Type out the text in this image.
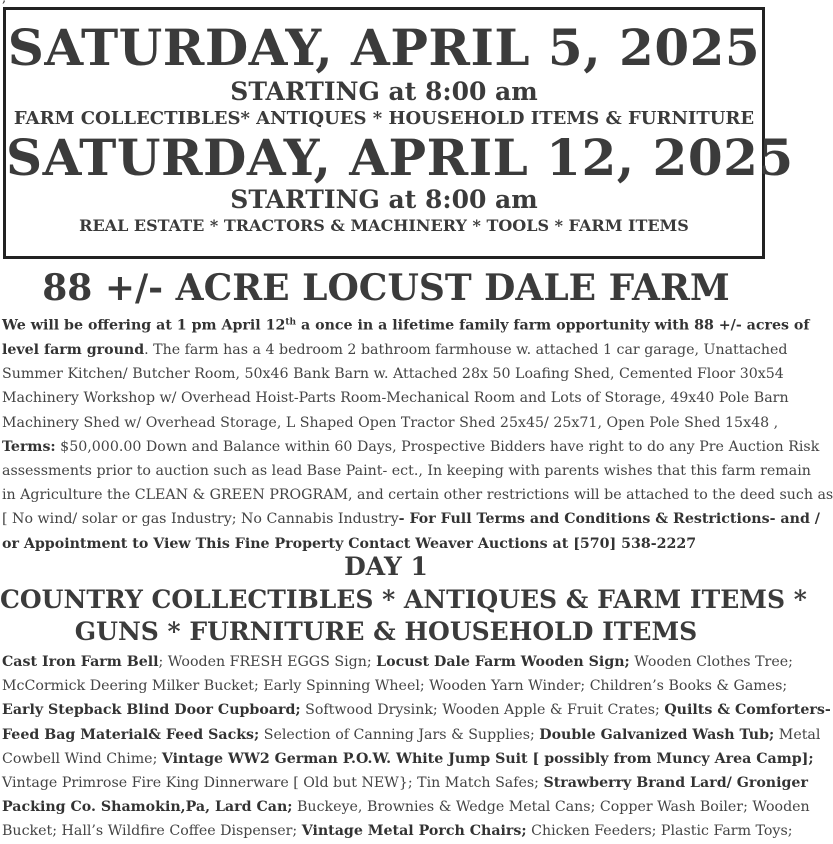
SATURDAY, APRIL 5, 2025
STARTING at 8:00 am
FARM COLLECTIBLES* ANTIQUES * HOUSEHOLD ITEMS & FURNITURE
SATURDAY, APRIL 12, 2025
STARTING at 8:00 am
REAL ESTATE * TRACTORS & MACHINERY * TOOLS * FARM ITEMS
88 +/- ACRE LOCUST DALE FARM
We will be offering at 1 pm April 12th a once in a lifetime family farm opportunity with 88 +/- acres of
level farm ground. The farm has a 4 bedroom 2 bathroom farmhouse w. attached 1 car garage, Unattached
Summer Kitchen/ Butcher Room, 50x46 Bank Barn w. Attached 28x 50 Loafing Shed, Cemented Floor 30x54
Machinery Workshop w/ Overhead Hoist-Parts Room-Mechanical Room and Lots of Storage, 49x40 Pole Barn
Machinery Shed w/ Overhead Storage, L Shaped Open Tractor Shed 25x45/ 25x71, Open Pole Shed 15x48 ,
Terms: $50,000.00 Down and Balance within 60 Days, Prospective Bidders have right to do any Pre Auction Risk
assessments prior to auction such as lead Base Paint- ect., In keeping with parents wishes that this farm remain
in Agriculture the CLEAN & GREEN PROGRAM, and certain other restrictions will be attached to the deed such as
[ No wind/ solar or gas Industry; No Cannabis Industry- For Full Terms and Conditions & Restrictions- and /
or Appointment to View This Fine Property Contact Weaver Auctions at [570] 538-2227
DAY 1
COUNTRY COLLECTIBLES * ANTIQUES & FARM ITEMS *
GUNS * FURNITURE & HOUSEHOLD ITEMS
Cast Iron Farm Bell; Wooden FRESH EGGS Sign; Locust Dale Farm Wooden Sign; Wooden Clothes Tree;
McCormick Deering Milker Bucket; Early Spinning Wheel; Wooden Yarn Winder; Children’s Books & Games;
Early Stepback Blind Door Cupboard; Softwood Drysink; Wooden Apple & Fruit Crates; Quilts & Comforters-
Feed Bag Material& Feed Sacks; Selection of Canning Jars & Supplies; Double Galvanized Wash Tub; Metal
Cowbell Wind Chime; Vintage WW2 German P.O.W. White Jump Suit [ possibly from Muncy Area Camp];
Vintage Primrose Fire King Dinnerware [ Old but NEW}; Tin Match Safes; Strawberry Brand Lard/ Groniger
Packing Co. Shamokin,Pa, Lard Can; Buckeye, Brownies & Wedge Metal Cans; Copper Wash Boiler; Wooden
Bucket; Hall’s Wildfire Coffee Dispenser; Vintage Metal Porch Chairs; Chicken Feeders; Plastic Farm Toys;
